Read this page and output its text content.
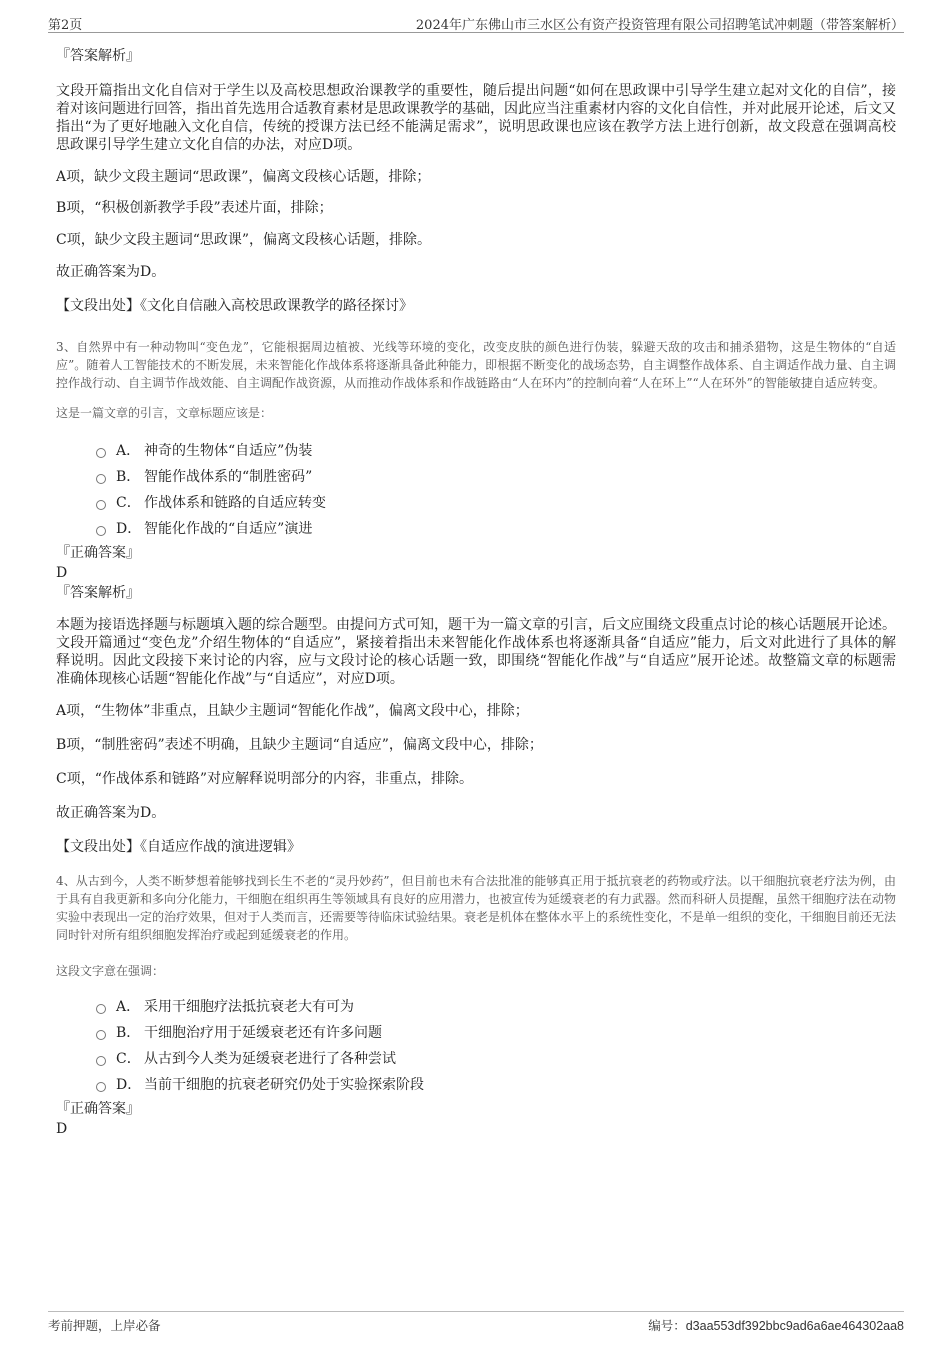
第2页	2024年广东佛山市三水区公有资产投资管理有限公司招聘笔试冲刺题（带答案解析）

『答案解析』

文段开篇指出文化自信对于学生以及高校思想政治课教学的重要性，随后提出问题“如何在思政课中引导学生建立起对文化的自信”，接着对该问题进行回答，指出首先选用合适教育素材是思政课教学的基础，因此应当注重素材内容的文化自信性，并对此展开论述，后文又指出“为了更好地融入文化自信，传统的授课方法已经不能满足需求”，说明思政课也应该在教学方法上进行创新，故文段意在强调高校思政课引导学生建立文化自信的办法，对应D项。

A项，缺少文段主题词“思政课”，偏离文段核心话题，排除；

B项，“积极创新教学手段”表述片面，排除；

C项，缺少文段主题词“思政课”，偏离文段核心话题，排除。

故正确答案为D。

【文段出处】《文化自信融入高校思政课教学的路径探讨》

3、自然界中有一种动物叫“变色龙”，它能根据周边植被、光线等环境的变化，改变皮肤的颜色进行伪装，躲避天敌的攻击和捕杀猎物，这是生物体的“自适应”。随着人工智能技术的不断发展，未来智能化作战体系将逐渐具备此种能力，即根据不断变化的战场态势，自主调整作战体系、自主调适作战力量、自主调控作战行动、自主调节作战效能、自主调配作战资源，从而推动作战体系和作战链路由“人在环内”的控制向着“人在环上”“人在环外”的智能敏捷自适应转变。

这是一篇文章的引言，文章标题应该是：

A． 神奇的生物体“自适应”伪装
B． 智能作战体系的“制胜密码”
C． 作战体系和链路的自适应转变
D． 智能化作战的“自适应”演进

『正确答案』

D

『答案解析』

本题为接语选择题与标题填入题的综合题型。由提问方式可知，题干为一篇文章的引言，后文应围绕文段重点讨论的核心话题展开论述。文段开篇通过“变色龙”介绍生物体的“自适应”，紧接着指出未来智能化作战体系也将逐渐具备“自适应”能力，后文对此进行了具体的解释说明。因此文段接下来讨论的内容，应与文段讨论的核心话题一致，即围绕“智能化作战”与“自适应”展开论述。故整篇文章的标题需准确体现核心话题“智能化作战”与“自适应”，对应D项。

A项，“生物体”非重点，且缺少主题词“智能化作战”，偏离文段中心，排除；

B项，“制胜密码”表述不明确，且缺少主题词“自适应”，偏离文段中心，排除；

C项，“作战体系和链路”对应解释说明部分的内容，非重点，排除。

故正确答案为D。

【文段出处】《自适应作战的演进逻辑》

4、从古到今，人类不断梦想着能够找到长生不老的“灵丹妙药”，但目前也未有合法批准的能够真正用于抵抗衰老的药物或疗法。以干细胞抗衰老疗法为例，由于具有自我更新和多向分化能力，干细胞在组织再生等领域具有良好的应用潜力，也被宣传为延缓衰老的有力武器。然而科研人员提醒，虽然干细胞疗法在动物实验中表现出一定的治疗效果，但对于人类而言，还需要等待临床试验结果。衰老是机体在整体水平上的系统性变化，不是单一组织的变化，干细胞目前还无法同时针对所有组织细胞发挥治疗或起到延缓衰老的作用。

这段文字意在强调：

A． 采用干细胞疗法抵抗衰老大有可为
B． 干细胞治疗用于延缓衰老还有许多问题
C． 从古到今人类为延缓衰老进行了各种尝试
D． 当前干细胞的抗衰老研究仍处于实验探索阶段

『正确答案』

D

考前押题，上岸必备	编号：d3aa553df392bbc9ad6a6ae464302aa8
